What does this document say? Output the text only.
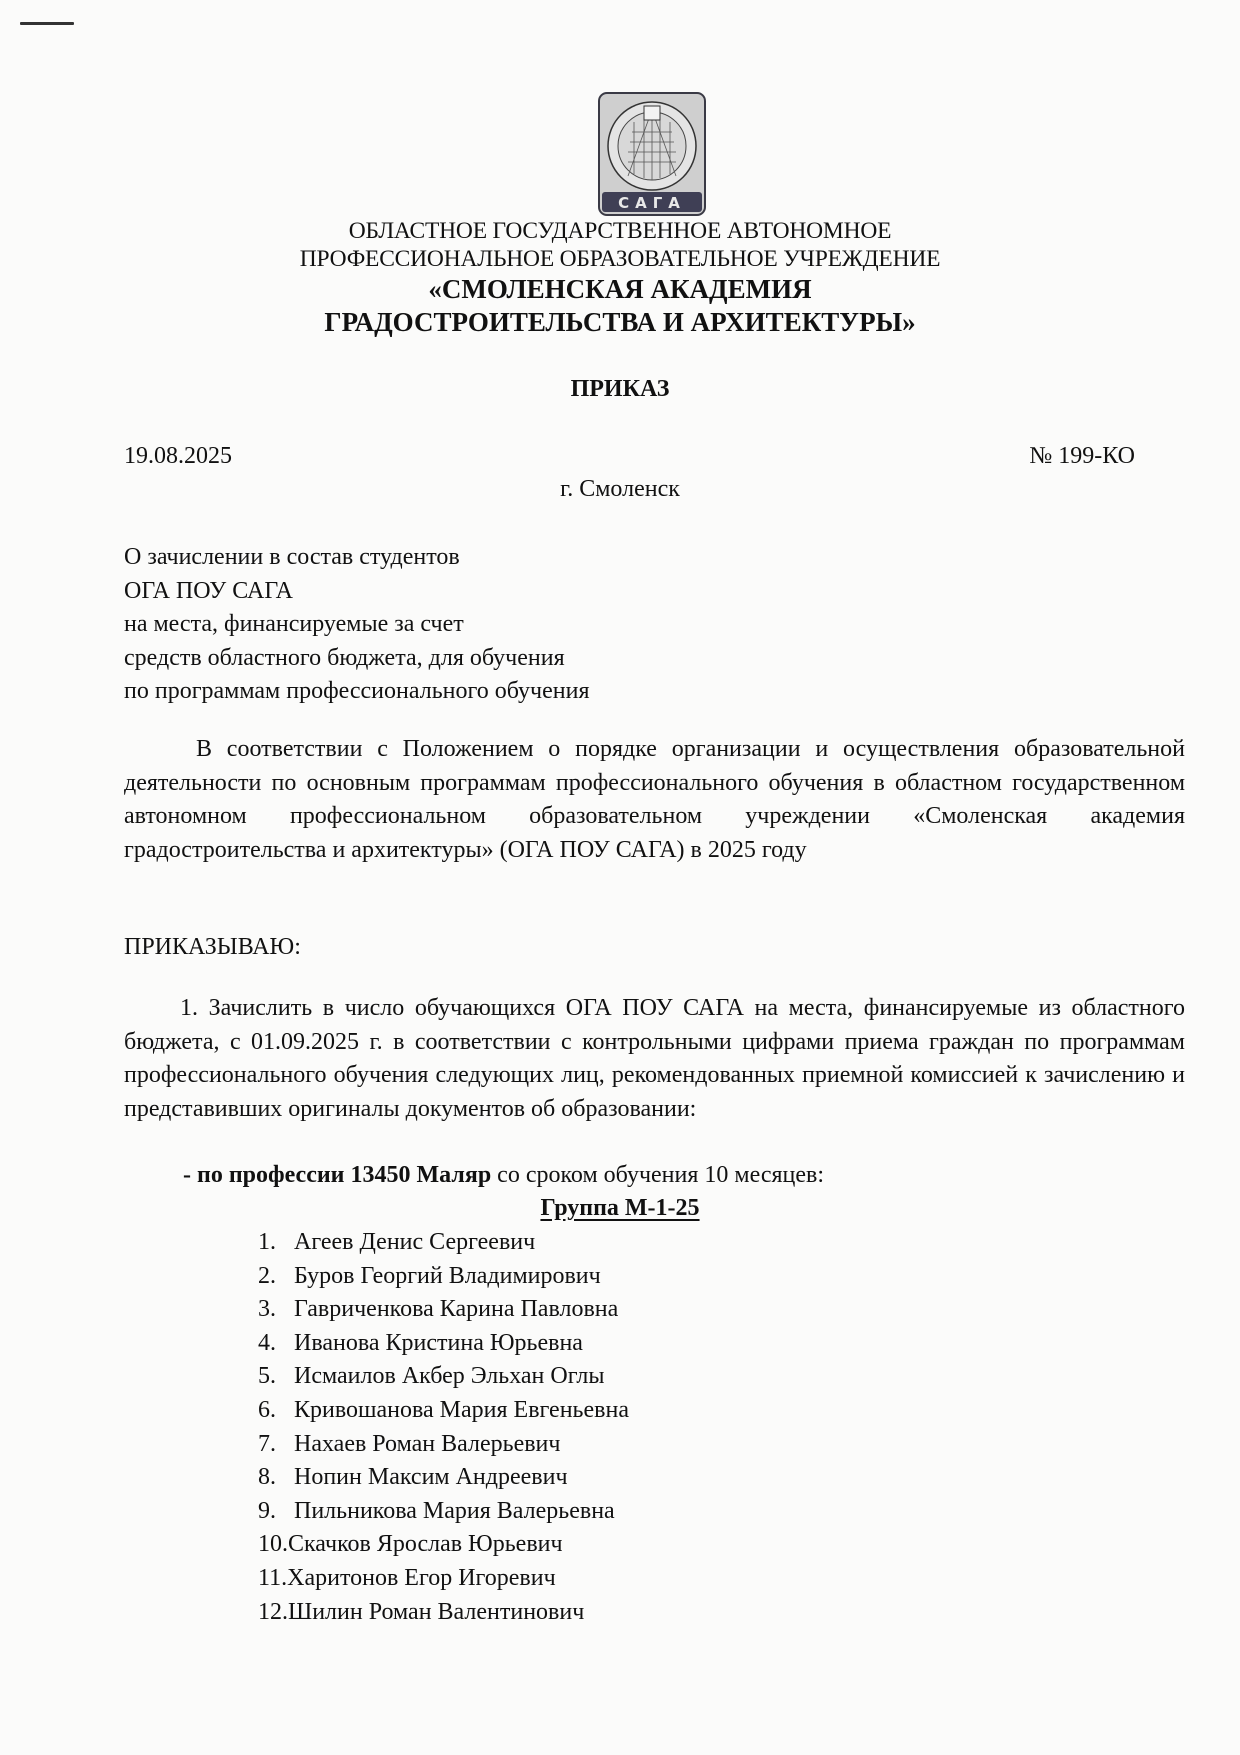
САГА
ОБЛАСТНОЕ ГОСУДАРСТВЕННОЕ АВТОНОМНОЕ
ПРОФЕССИОНАЛЬНОЕ ОБРАЗОВАТЕЛЬНОЕ УЧРЕЖДЕНИЕ
«СМОЛЕНСКАЯ АКАДЕМИЯ
ГРАДОСТРОИТЕЛЬСТВА И АРХИТЕКТУРЫ»
ПРИКАЗ
19.08.2025	№ 199-КО
г. Смоленск
О зачислении в состав студентов
ОГА ПОУ САГА
на места, финансируемые за счет
средств областного бюджета, для обучения
по программам профессионального обучения
В соответствии с Положением о порядке организации и осуществления образовательной деятельности по основным программам профессионального обучения в областном государственном автономном профессиональном образовательном учреждении «Смоленская академия градостроительства и архитектуры» (ОГА ПОУ САГА) в 2025 году
ПРИКАЗЫВАЮ:
1. Зачислить в число обучающихся ОГА ПОУ САГА на места, финансируемые из областного бюджета, с 01.09.2025 г. в соответствии с контрольными цифрами приема граждан по программам профессионального обучения следующих лиц, рекомендованных приемной комиссией к зачислению и представивших оригиналы документов об образовании:
- по профессии 13450 Маляр со сроком обучения 10 месяцев:
Группа М-1-25
1. Агеев Денис Сергеевич
2. Буров Георгий Владимирович
3. Гавриченкова Карина Павловна
4. Иванова Кристина Юрьевна
5. Исмаилов Акбер Эльхан Оглы
6. Кривошанова Мария Евгеньевна
7. Нахаев Роман Валерьевич
8. Нопин Максим Андреевич
9. Пильникова Мария Валерьевна
10. Скачков Ярослав Юрьевич
11. Харитонов Егор Игоревич
12. Шилин Роман Валентинович
